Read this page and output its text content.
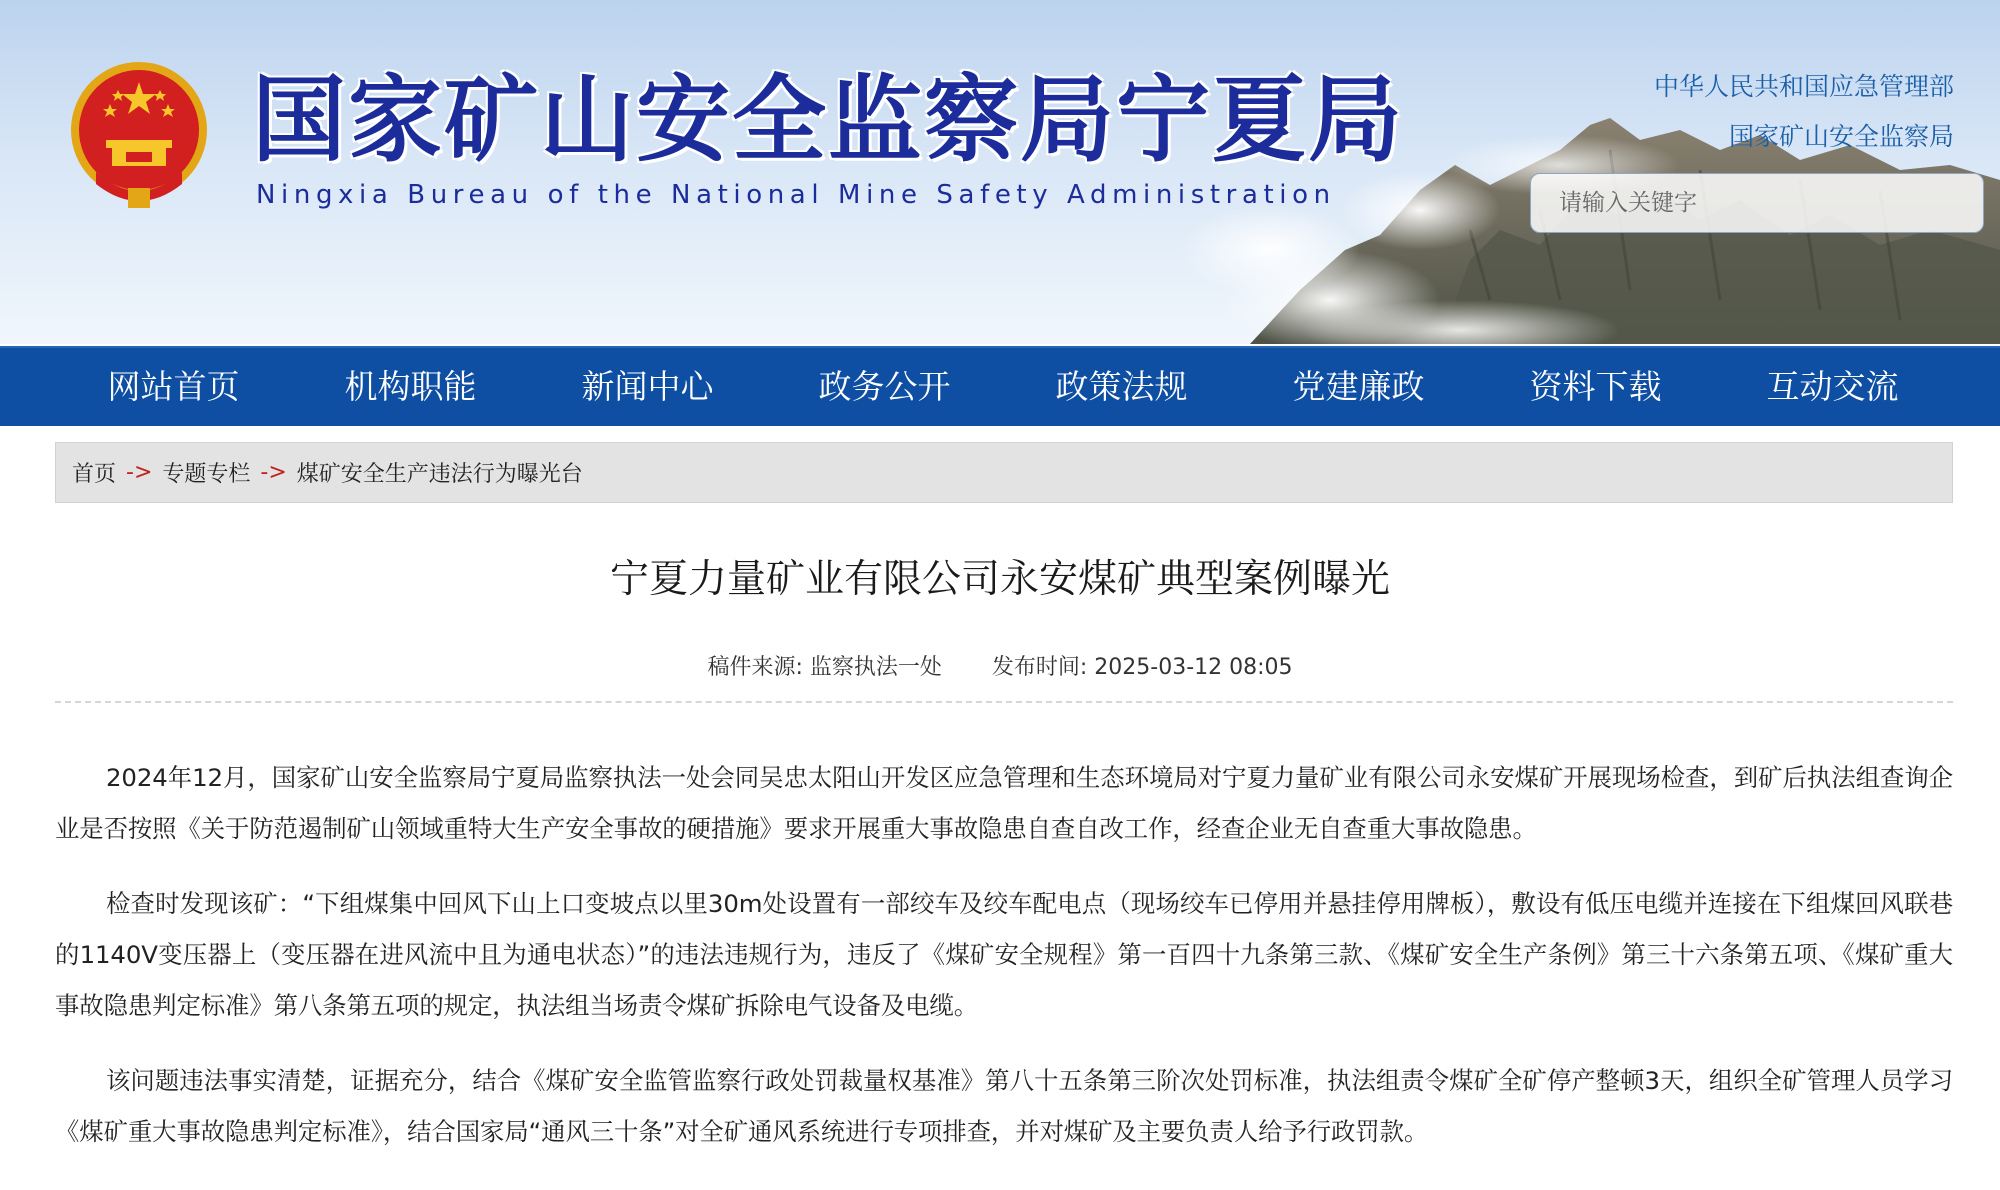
国家矿山安全监察局宁夏局
Ningxia Bureau of the National Mine Safety Administration
中华人民共和国应急管理部
国家矿山安全监察局
请输入关键字
网站首页	机构职能	新闻中心	政务公开	政策法规	党建廉政	资料下载	互动交流
首页 -> 专题专栏 -> 煤矿安全生产违法行为曝光台
宁夏力量矿业有限公司永安煤矿典型案例曝光
稿件来源: 监察执法一处 发布时间: 2025-03-12 08:05

2024年12月，国家矿山安全监察局宁夏局监察执法一处会同吴忠太阳山开发区应急管理和生态环境局对宁夏力量矿业有限公司永安煤矿开展现场检查，到矿后执法组查询企业是否按照《关于防范遏制矿山领域重特大生产安全事故的硬措施》要求开展重大事故隐患自查自改工作，经查企业无自查重大事故隐患。

检查时发现该矿：“下组煤集中回风下山上口变坡点以里30m处设置有一部绞车及绞车配电点（现场绞车已停用并悬挂停用牌板），敷设有低压电缆并连接在下组煤回风联巷的1140V变压器上（变压器在进风流中且为通电状态）”的违法违规行为，违反了《煤矿安全规程》第一百四十九条第三款、《煤矿安全生产条例》第三十六条第五项、《煤矿重大事故隐患判定标准》第八条第五项的规定，执法组当场责令煤矿拆除电气设备及电缆。

该问题违法事实清楚，证据充分，结合《煤矿安全监管监察行政处罚裁量权基准》第八十五条第三阶次处罚标准，执法组责令煤矿全矿停产整顿3天，组织全矿管理人员学习《煤矿重大事故隐患判定标准》，结合国家局“通风三十条”对全矿通风系统进行专项排查，并对煤矿及主要负责人给予行政罚款。
